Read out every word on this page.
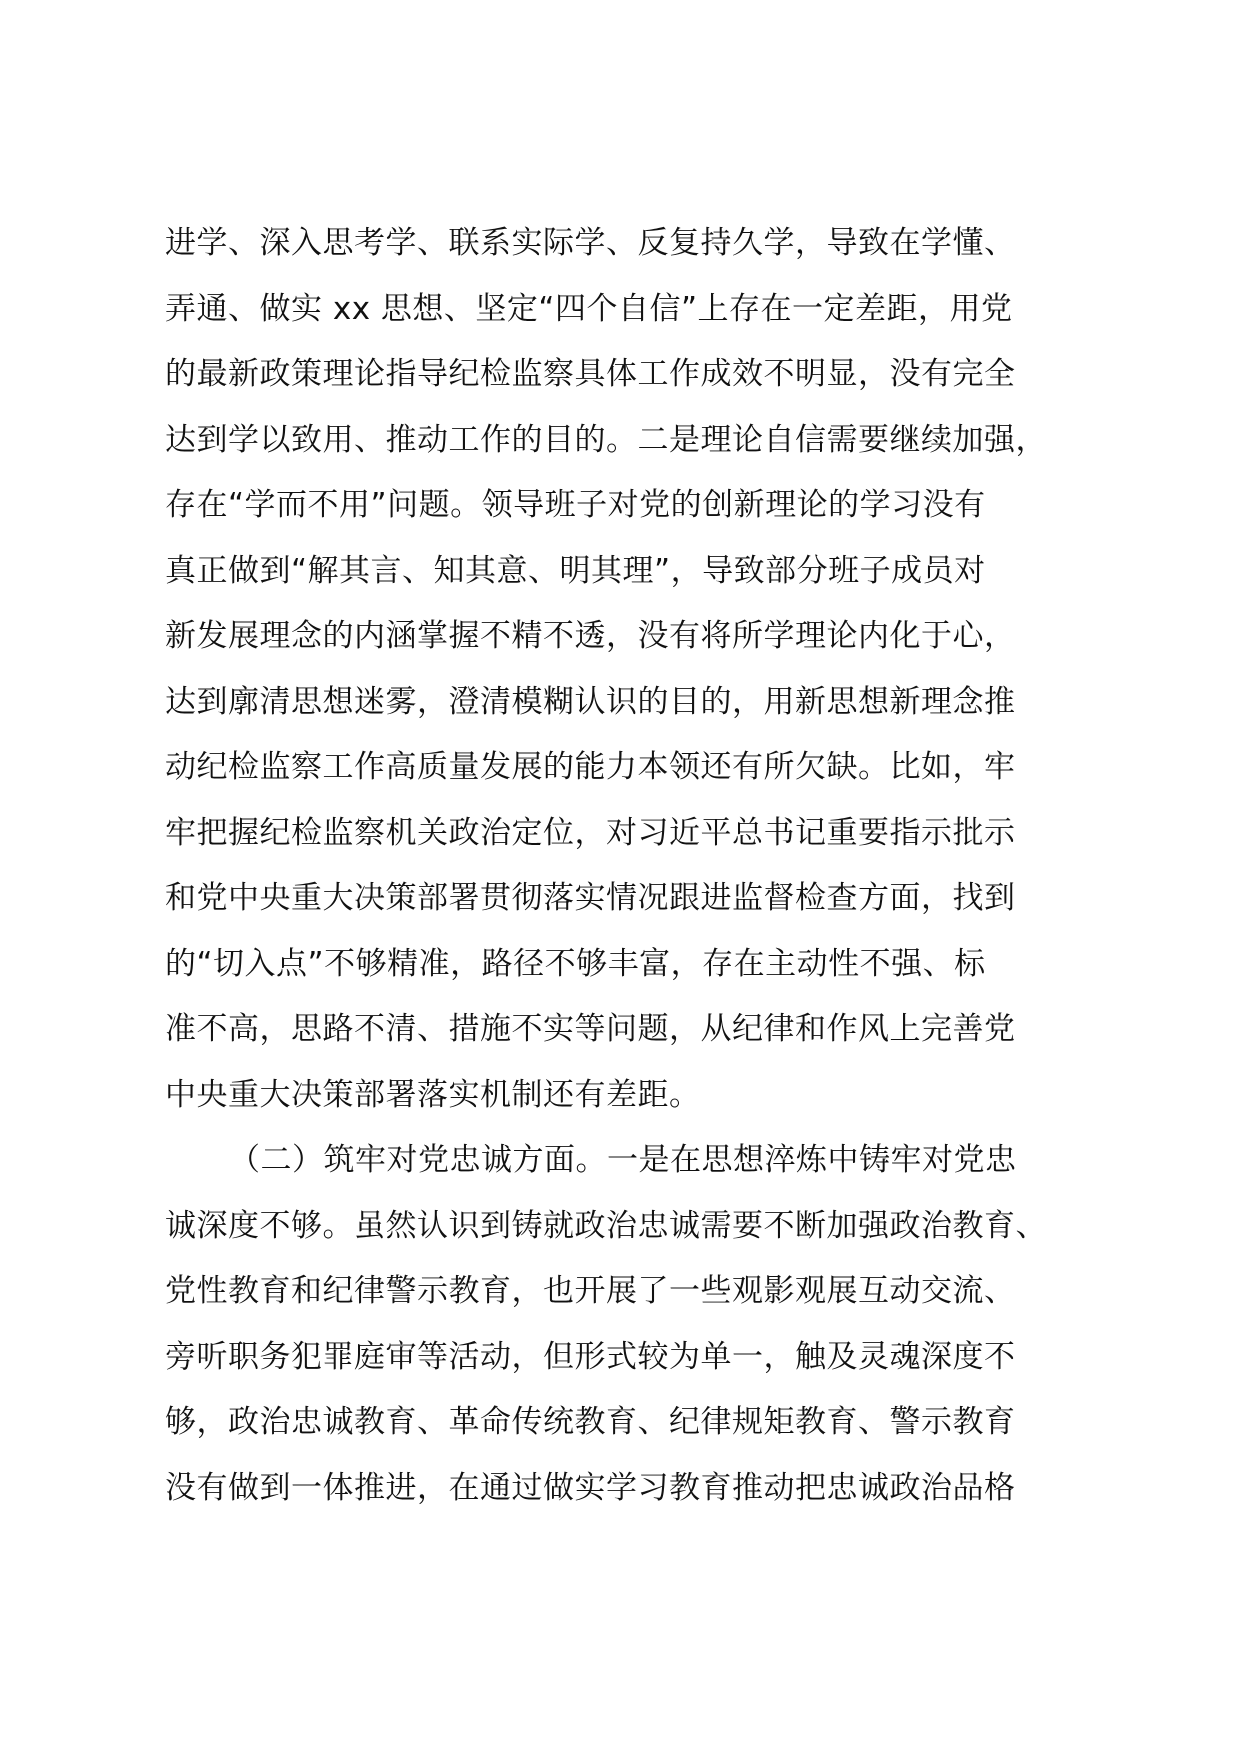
进学、深入思考学、联系实际学、反复持久学，导致在学懂、
弄通、做实 xx 思想、坚定“四个自信”上存在一定差距，用党
的最新政策理论指导纪检监察具体工作成效不明显，没有完全
达到学以致用、推动工作的目的。二是理论自信需要继续加强，
存在“学而不用”问题。领导班子对党的创新理论的学习没有
真正做到“解其言、知其意、明其理”，导致部分班子成员对
新发展理念的内涵掌握不精不透，没有将所学理论内化于心，
达到廓清思想迷雾，澄清模糊认识的目的，用新思想新理念推
动纪检监察工作高质量发展的能力本领还有所欠缺。比如，牢
牢把握纪检监察机关政治定位，对习近平总书记重要指示批示
和党中央重大决策部署贯彻落实情况跟进监督检查方面，找到
的“切入点”不够精准，路径不够丰富，存在主动性不强、标
准不高，思路不清、措施不实等问题，从纪律和作风上完善党
中央重大决策部署落实机制还有差距。
（二）筑牢对党忠诚方面。一是在思想淬炼中铸牢对党忠
诚深度不够。虽然认识到铸就政治忠诚需要不断加强政治教育、
党性教育和纪律警示教育，也开展了一些观影观展互动交流、
旁听职务犯罪庭审等活动，但形式较为单一，触及灵魂深度不
够，政治忠诚教育、革命传统教育、纪律规矩教育、警示教育
没有做到一体推进，在通过做实学习教育推动把忠诚政治品格
